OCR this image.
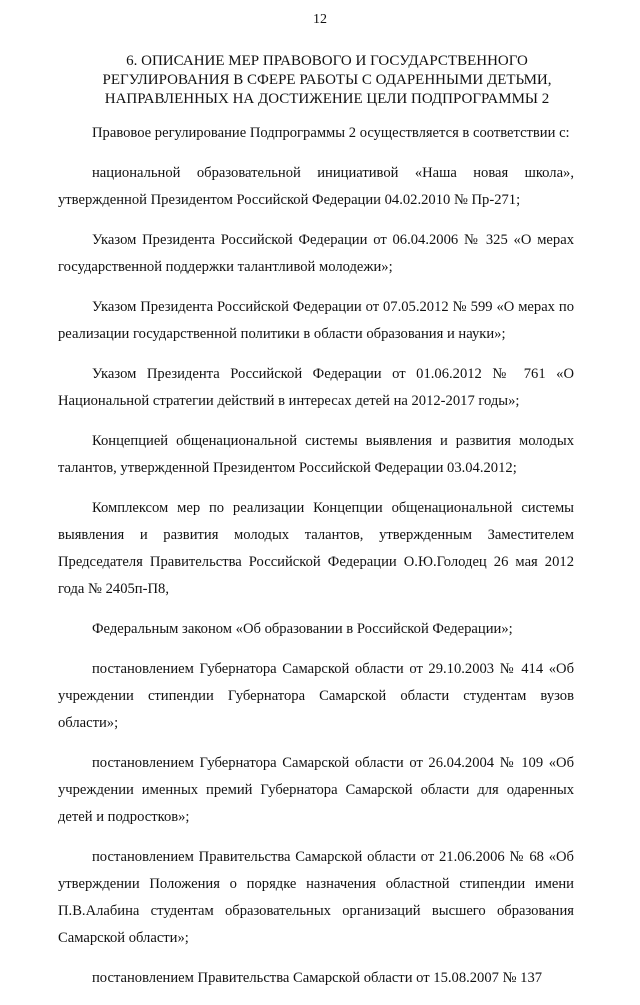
12
6. ОПИСАНИЕ МЕР ПРАВОВОГО И ГОСУДАРСТВЕННОГО РЕГУЛИРОВАНИЯ В СФЕРЕ РАБОТЫ С ОДАРЕННЫМИ ДЕТЬМИ, НАПРАВЛЕННЫХ НА ДОСТИЖЕНИЕ ЦЕЛИ ПОДПРОГРАММЫ 2

Правовое регулирование Подпрограммы 2 осуществляется в соответствии с:

национальной образовательной инициативой «Наша новая школа», утвержденной Президентом Российской Федерации 04.02.2010 № Пр-271;

Указом Президента Российской Федерации от 06.04.2006 № 325 «О мерах государственной поддержки талантливой молодежи»;

Указом Президента Российской Федерации от 07.05.2012 № 599 «О мерах по реализации государственной политики в области образования и науки»;

Указом Президента Российской Федерации от 01.06.2012 № 761 «О Национальной стратегии действий в интересах детей на 2012-2017 годы»;

Концепцией общенациональной системы выявления и развития молодых талантов, утвержденной Президентом Российской Федерации 03.04.2012;

Комплексом мер по реализации Концепции общенациональной системы выявления и развития молодых талантов, утвержденным Заместителем Председателя Правительства Российской Федерации О.Ю.Голодец 26 мая 2012 года № 2405п-П8,

Федеральным законом «Об образовании в Российской Федерации»;

постановлением Губернатора Самарской области от 29.10.2003 № 414 «Об учреждении стипендии Губернатора Самарской области студентам вузов области»;

постановлением Губернатора Самарской области от 26.04.2004 № 109 «Об учреждении именных премий Губернатора Самарской области для одаренных детей и подростков»;

постановлением Правительства Самарской области от 21.06.2006 № 68 «Об утверждении Положения о порядке назначения областной стипендии имени П.В.Алабина студентам образовательных организаций высшего образования Самарской области»;

постановлением Правительства Самарской области от 15.08.2007 № 137
